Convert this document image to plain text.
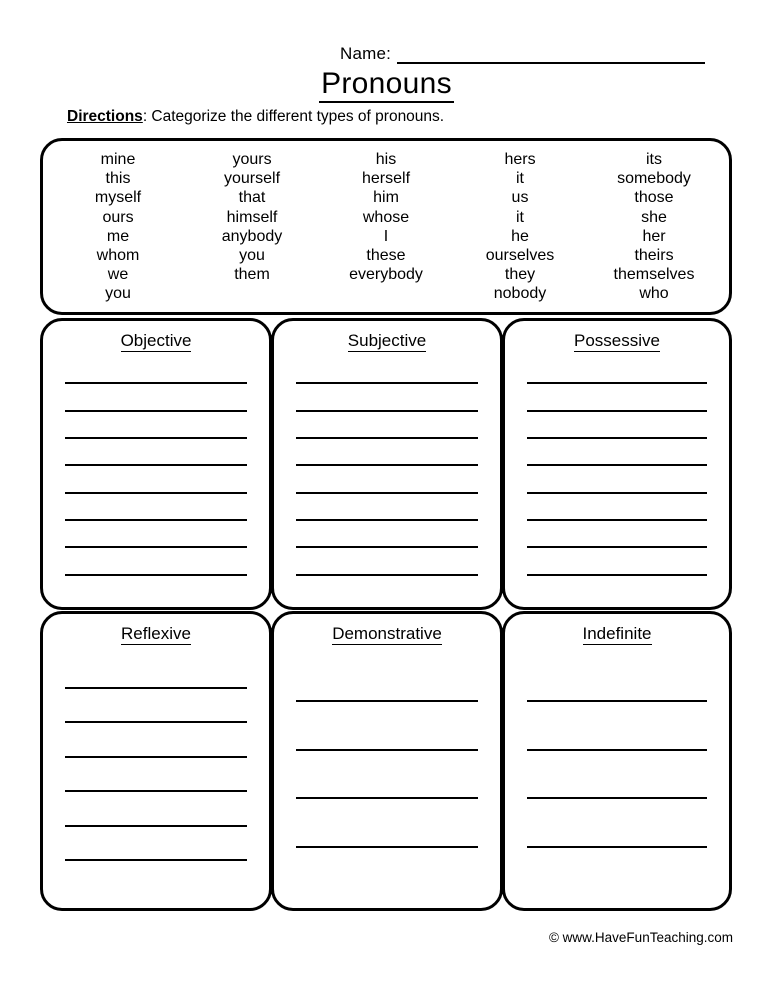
Name:
Pronouns
Directions: Categorize the different types of pronouns.
mine
this
myself
ours
me
whom
we
you
yours
yourself
that
himself
anybody
you
them
his
herself
him
whose
I
these
everybody
hers
it
us
it
he
ourselves
they
nobody
its
somebody
those
she
her
theirs
themselves
who
Objective	Subjective	Possessive
Reflexive	Demonstrative	Indefinite
© www.HaveFunTeaching.com
